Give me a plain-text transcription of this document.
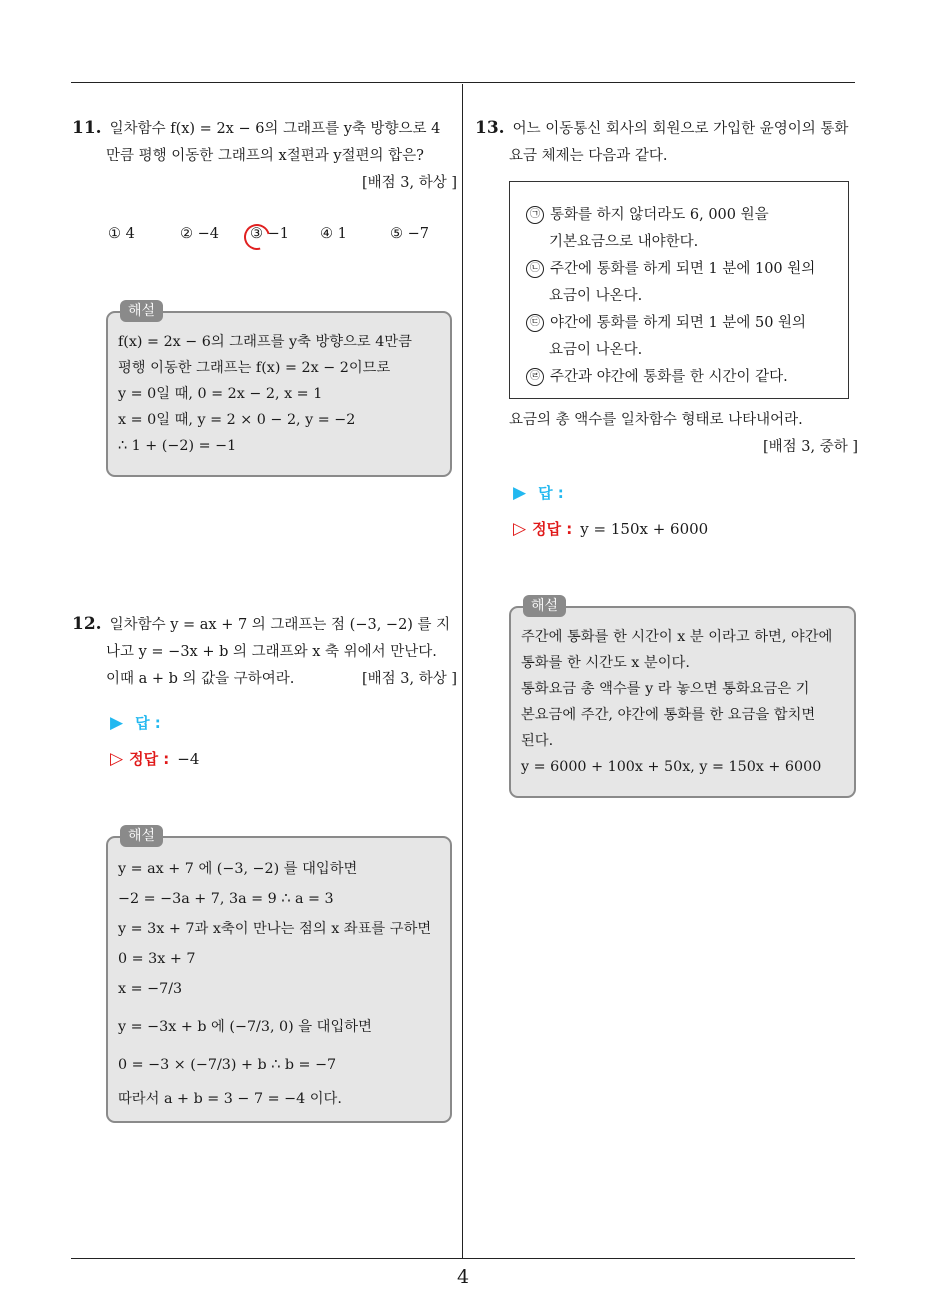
4
11. 일차함수 f(x) = 2x − 6의 그래프를 y축 방향으로 4
만큼 평행 이동한 그래프의 x절편과 y절편의 합은?
[배점 3, 하상 ]
① 4	② −4 ③ −1 ④ 1	⑤ −7
해설
f(x) = 2x − 6의 그래프를 y축 방향으로 4만큼
평행 이동한 그래프는 f(x) = 2x − 2이므로
y = 0일 때, 0 = 2x − 2, x = 1
x = 0일 때, y = 2 × 0 − 2, y = −2
∴ 1 + (−2) = −1
12. 일차함수 y = ax + 7 의 그래프는 점 (−3, −2) 를 지
나고 y = −3x + b 의 그래프와 x 축 위에서 만난다.
이때 a + b 의 값을 구하여라.	[배점 3, 하상 ]
▶ 답 :
▷ 정답 : −4
해설
y = ax + 7 에 (−3, −2) 를 대입하면
−2 = −3a + 7, 3a = 9 ∴ a = 3
y = 3x + 7과 x축이 만나는 점의 x 좌표를 구하면
0 = 3x + 7
x = −7/3
y = −3x + b 에 (−7/3, 0) 을 대입하면
0 = −3 × (−7/3) + b ∴ b = −7
따라서 a + b = 3 − 7 = −4 이다.
13. 어느 이동통신 회사의 회원으로 가입한 윤영이의 통화
요금 체제는 다음과 같다.
㉠ 통화를 하지 않더라도 6, 000 원을
기본요금으로 내야한다.
㉡ 주간에 통화를 하게 되면 1 분에 100 원의
요금이 나온다.
㉢ 야간에 통화를 하게 되면 1 분에 50 원의
요금이 나온다.
㉣ 주간과 야간에 통화를 한 시간이 같다.
요금의 총 액수를 일차함수 형태로 나타내어라.
[배점 3, 중하 ]
▶ 답 :
▷ 정답 : y = 150x + 6000
해설
주간에 통화를 한 시간이 x 분 이라고 하면, 야간에
통화를 한 시간도 x 분이다.
통화요금 총 액수를 y 라 놓으면 통화요금은 기
본요금에 주간, 야간에 통화를 한 요금을 합치면
된다.
y = 6000 + 100x + 50x, y = 150x + 6000
